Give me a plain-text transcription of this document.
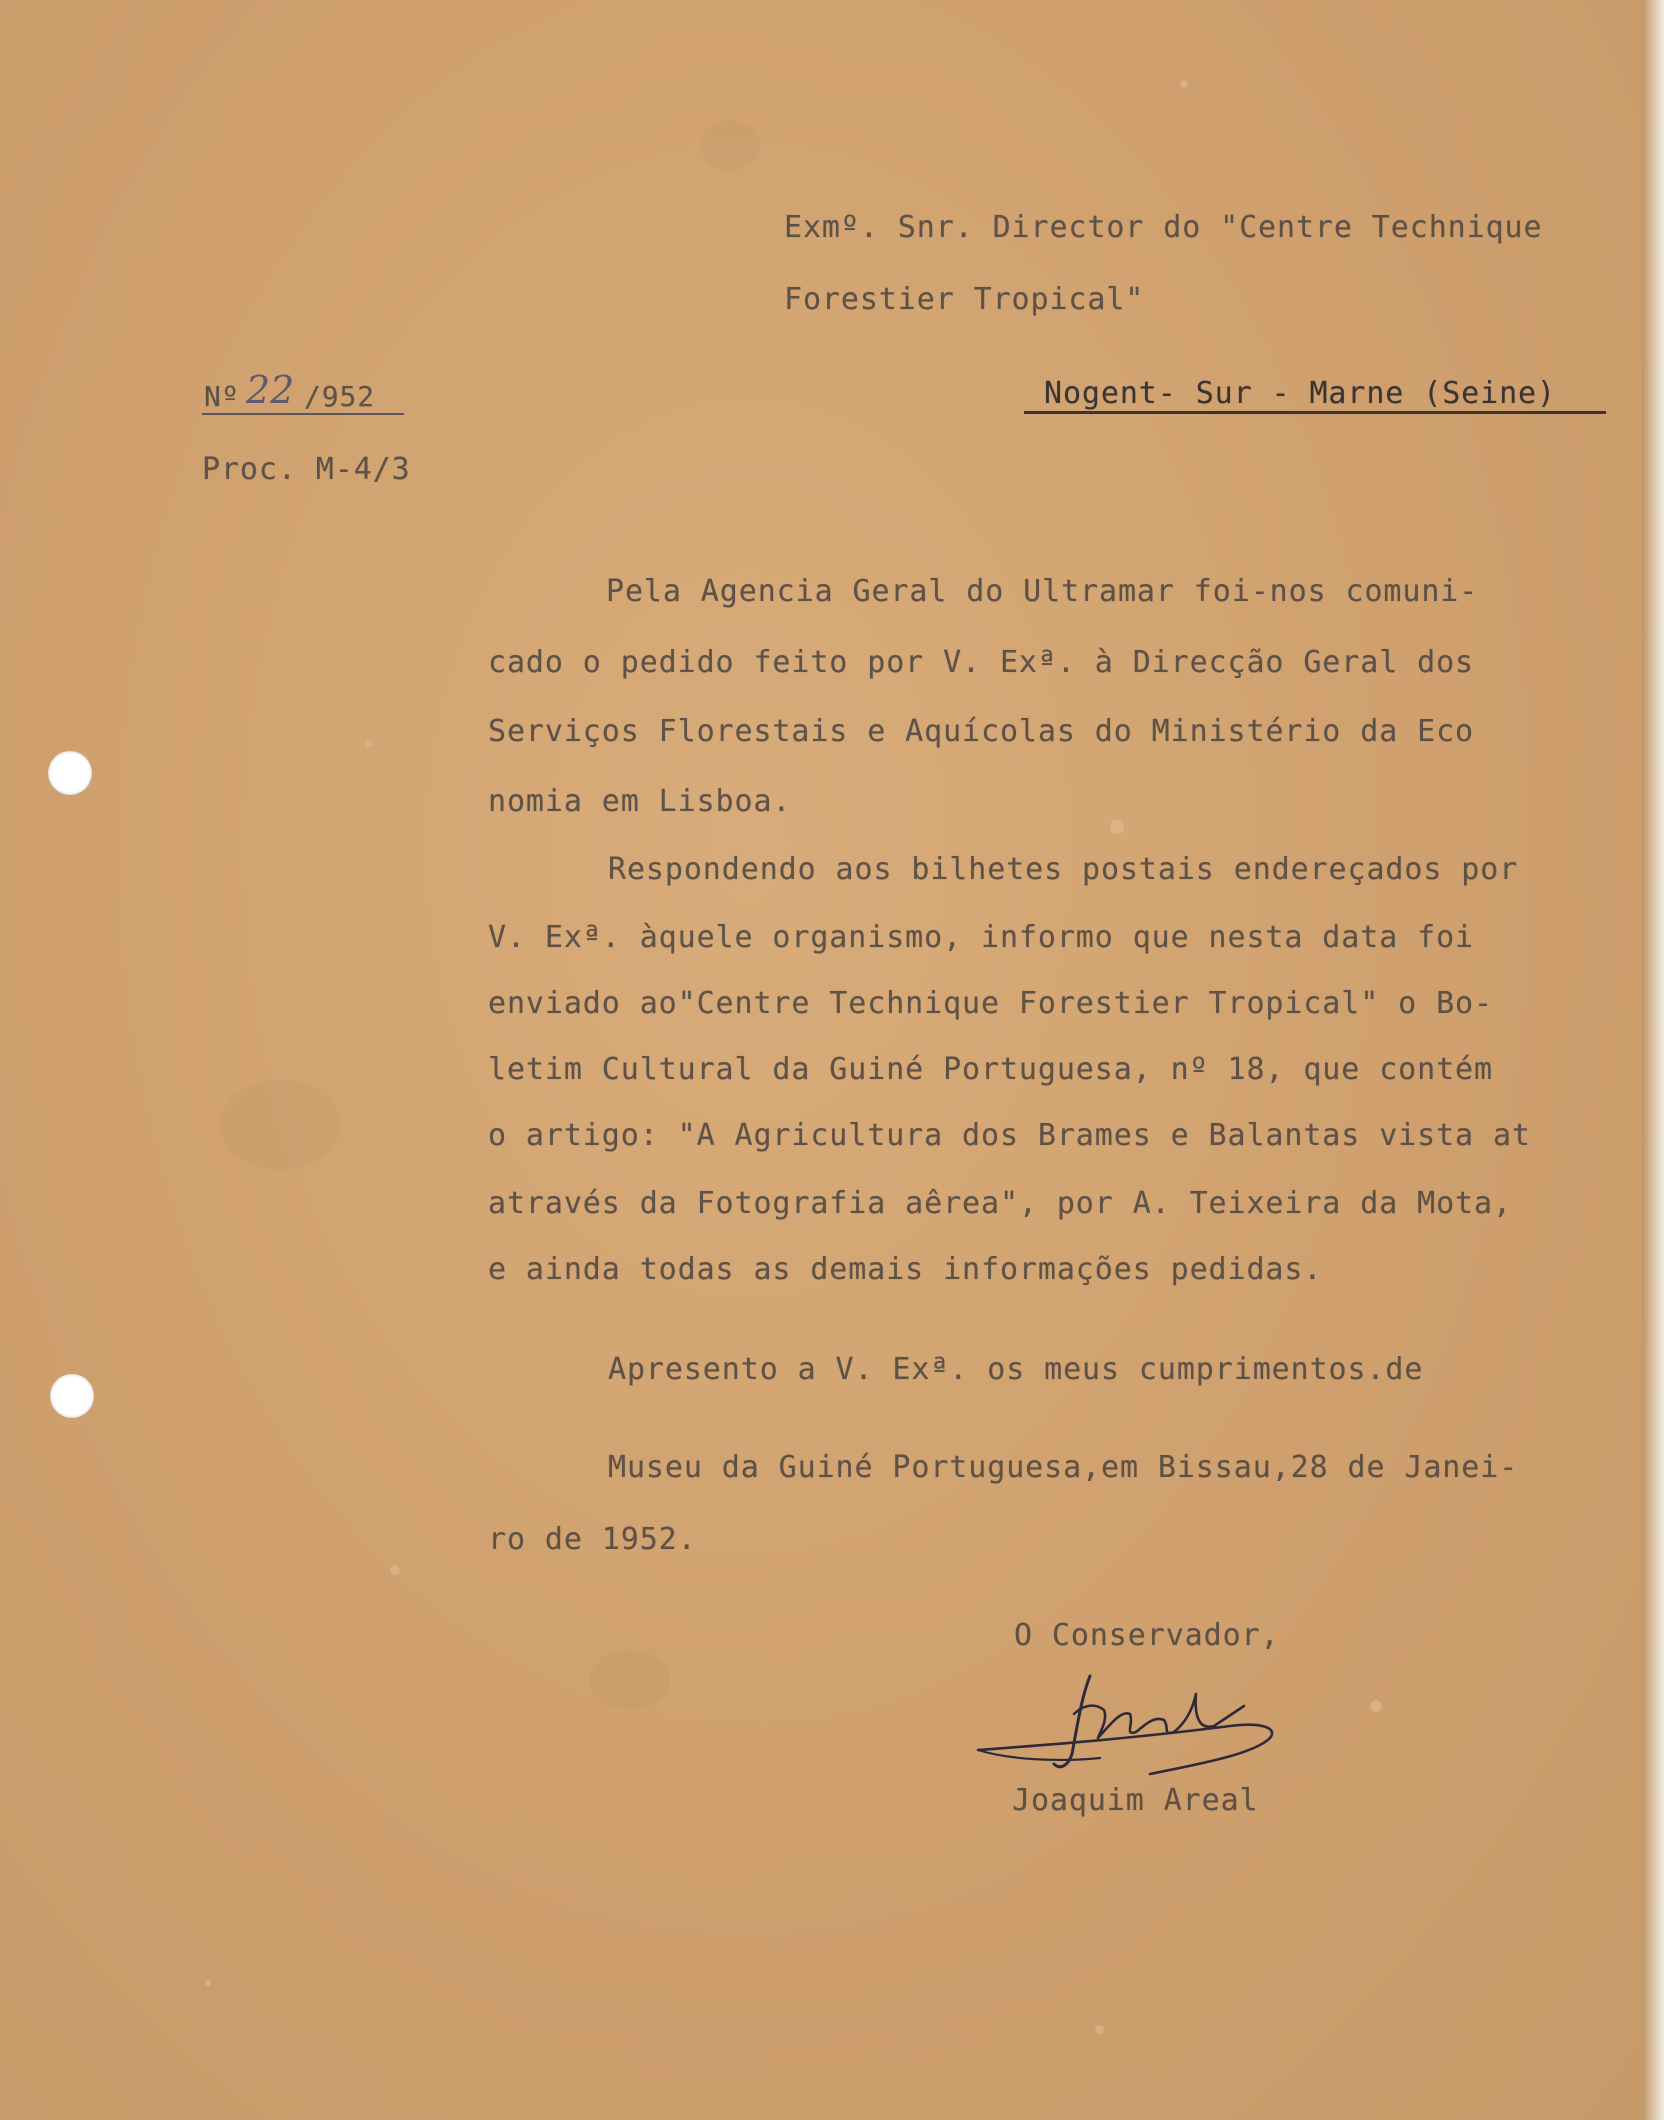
Exmº. Snr. Director do "Centre Technique
Forestier Tropical"
Nº 22 /952
Proc. M-4/3
Nogent- Sur - Marne (Seine)
Pela Agencia Geral do Ultramar foi-nos comuni-
cado o pedido feito por V. Exª. à Direcção Geral dos
Serviços Florestais e Aquícolas do Ministério da Eco
nomia em Lisboa.
Respondendo aos bilhetes postais endereçados por
V. Exª. àquele organismo, informo que nesta data foi
enviado ao"Centre Technique Forestier Tropical" o Bo-
letim Cultural da Guiné Portuguesa, nº 18, que contém
o artigo: "A Agricultura dos Brames e Balantas vista at
através da Fotografia aêrea", por A. Teixeira da Mota,
e ainda todas as demais informações pedidas.
Apresento a V. Exª. os meus cumprimentos.de
Museu da Guiné Portuguesa,em Bissau,28 de Janei-
ro de 1952.
O Conservador,
Joaquim Areal
